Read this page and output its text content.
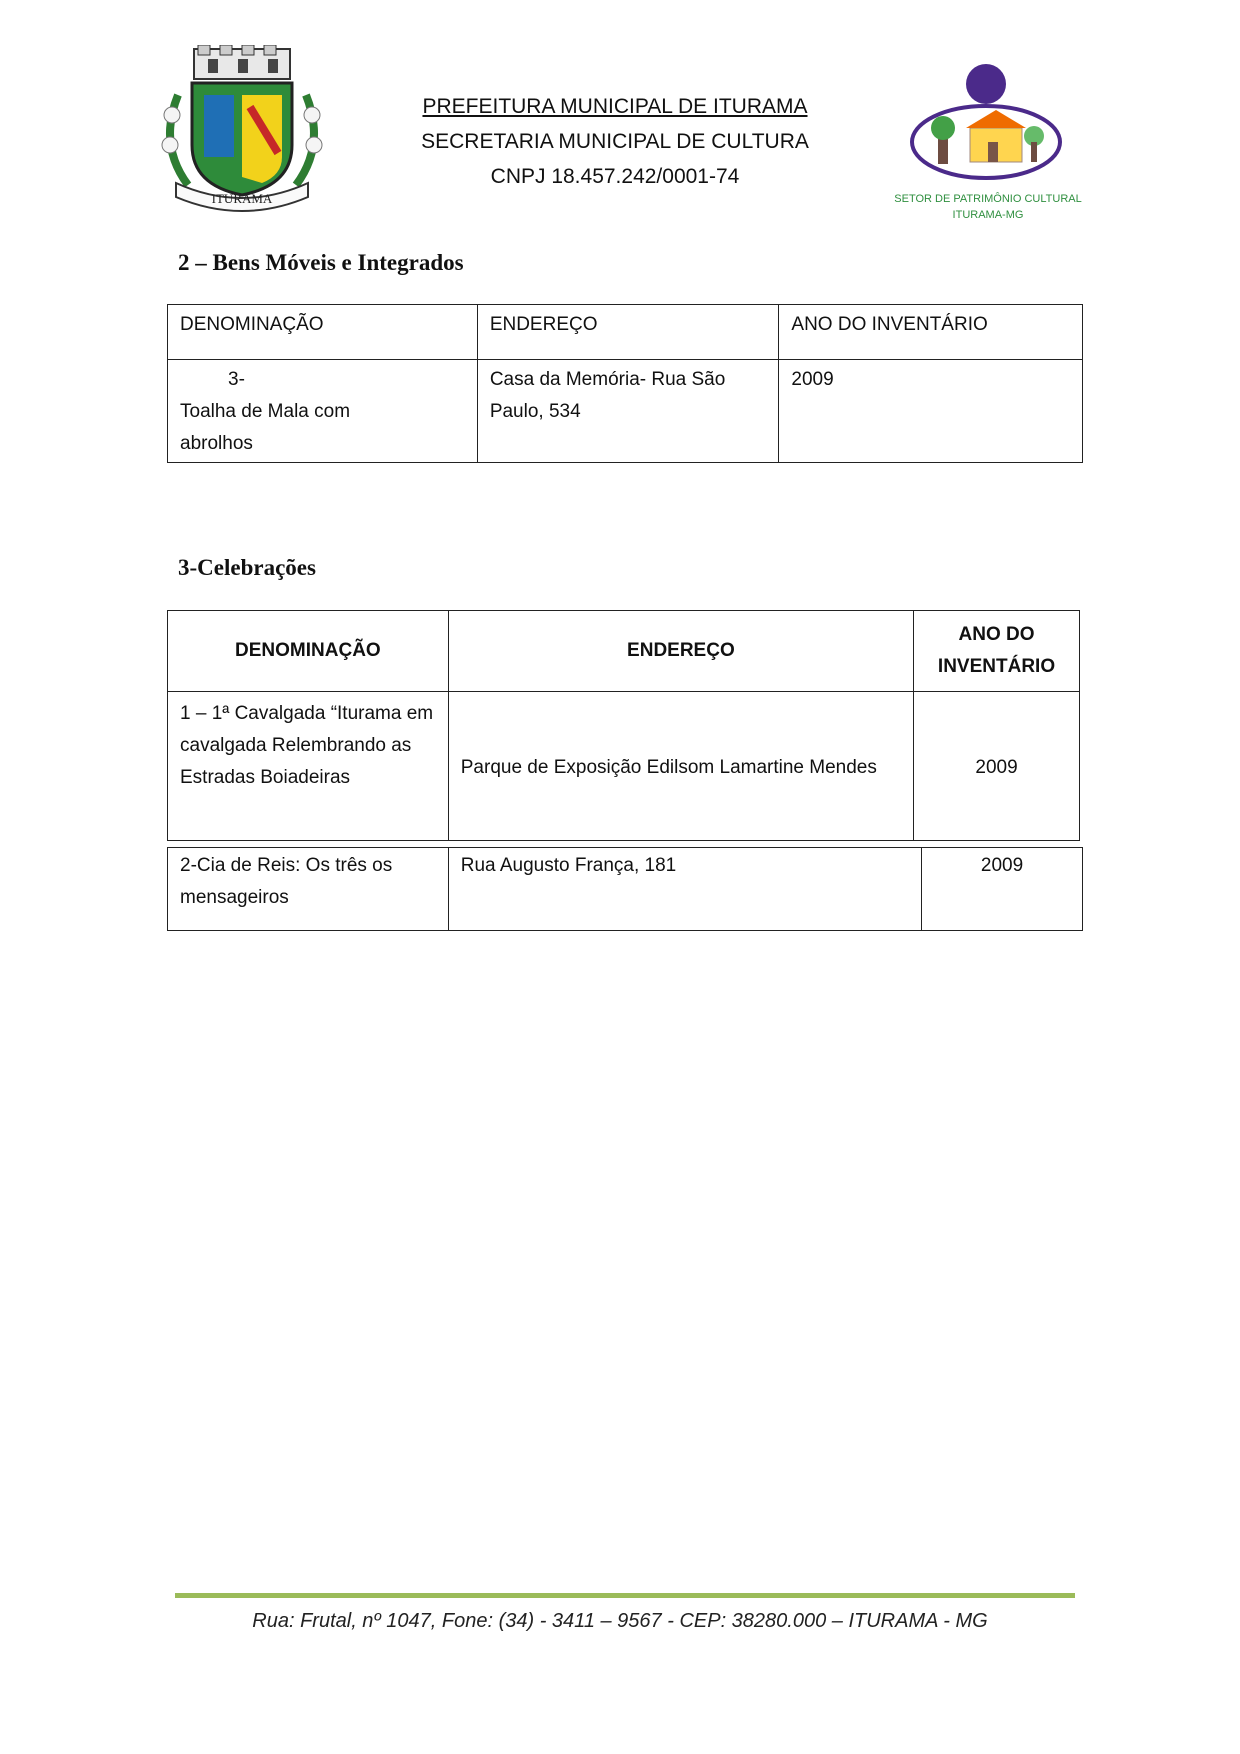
ITURAMA	SETOR DE PATRIMÔNIO CULTURAL
ITURAMA-MG
PREFEITURA MUNICIPAL DE ITURAMA
SECRETARIA MUNICIPAL DE CULTURA
CNPJ 18.457.242/0001-74
2 – Bens Móveis e Integrados
DENOMINAÇÃO	ENDEREÇO	ANO DO INVENTÁRIO
3-Toalha de Mala com abrolhos	Casa da Memória- Rua São Paulo, 534	2009
3-Celebrações
DENOMINAÇÃO	ENDEREÇO	ANO DO INVENTÁRIO
1 – 1ª Cavalgada “Iturama em cavalgada Relembrando as Estradas Boiadeiras	Parque de Exposição Edilsom Lamartine Mendes	2009
2-Cia de Reis: Os três os mensageiros	Rua Augusto França, 181	2009
Rua: Frutal, nº 1047, Fone: (34) - 3411 – 9567 - CEP: 38280.000 – ITURAMA - MG
